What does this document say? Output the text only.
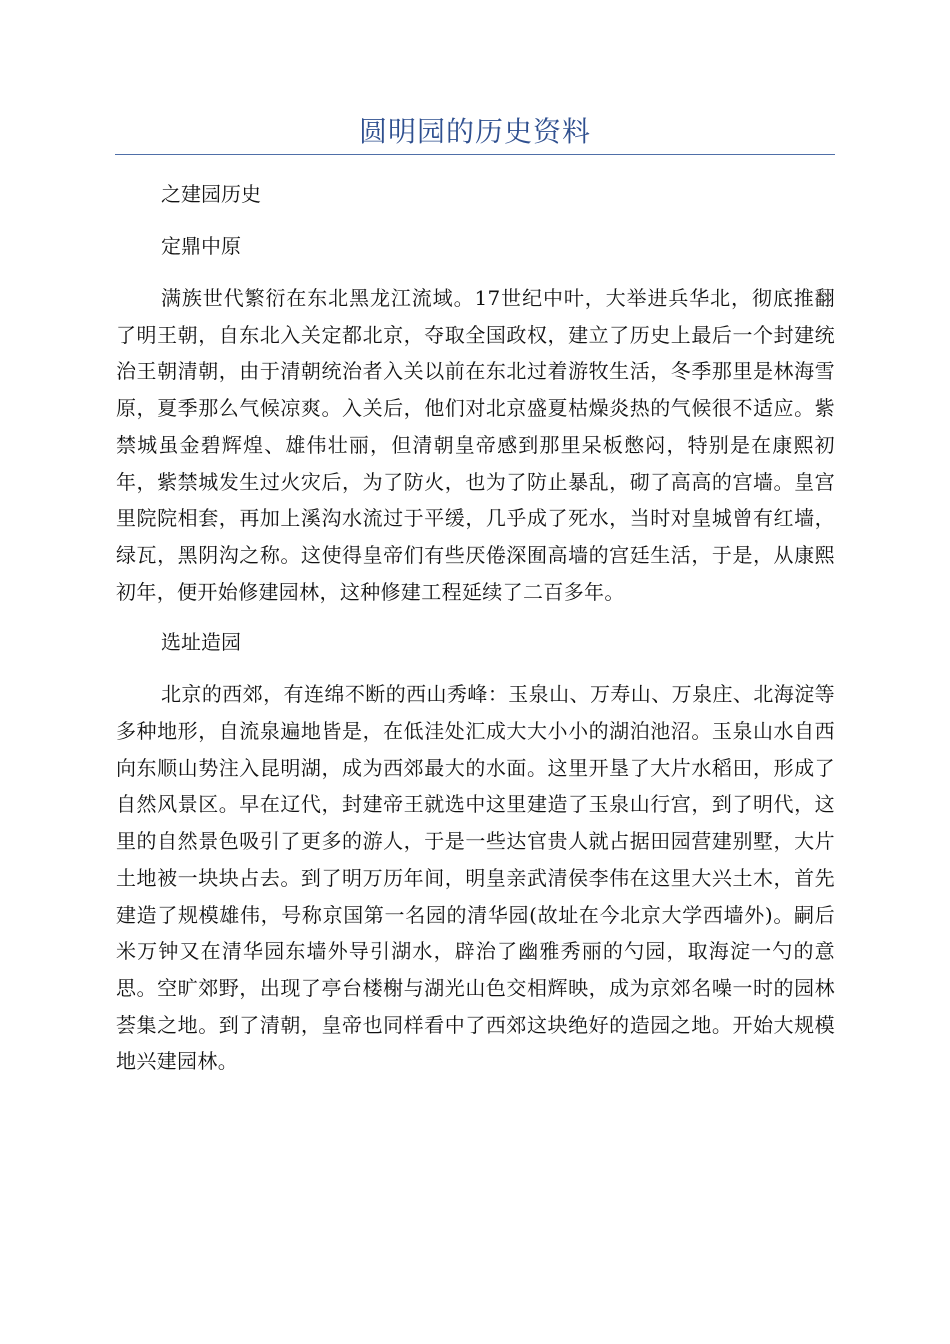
圆明园的历史资料

之建园历史

定鼎中原

满族世代繁衍在东北黑龙江流域。17世纪中叶，大举进兵华北，彻底推翻了明王朝，自东北入关定都北京，夺取全国政权，建立了历史上最后一个封建统治王朝清朝，由于清朝统治者入关以前在东北过着游牧生活，冬季那里是林海雪原，夏季那么气候凉爽。入关后，他们对北京盛夏枯燥炎热的气候很不适应。紫禁城虽金碧辉煌、雄伟壮丽，但清朝皇帝感到那里呆板憋闷，特别是在康熙初年，紫禁城发生过火灾后，为了防火，也为了防止暴乱，砌了高高的宫墙。皇宫里院院相套，再加上溪沟水流过于平缓，几乎成了死水，当时对皇城曾有红墙，绿瓦，黑阴沟之称。这使得皇帝们有些厌倦深囿高墙的宫廷生活，于是，从康熙初年，便开始修建园林，这种修建工程延续了二百多年。

选址造园

北京的西郊，有连绵不断的西山秀峰：玉泉山、万寿山、万泉庄、北海淀等多种地形，自流泉遍地皆是，在低洼处汇成大大小小的湖泊池沼。玉泉山水自西向东顺山势注入昆明湖，成为西郊最大的水面。这里开垦了大片水稻田，形成了自然风景区。早在辽代，封建帝王就选中这里建造了玉泉山行宫，到了明代，这里的自然景色吸引了更多的游人，于是一些达官贵人就占据田园营建别墅，大片土地被一块块占去。到了明万历年间，明皇亲武清侯李伟在这里大兴土木，首先建造了规模雄伟，号称京国第一名园的清华园(故址在今北京大学西墙外)。嗣后米万钟又在清华园东墙外导引湖水，辟治了幽雅秀丽的勺园，取海淀一勺的意思。空旷郊野，出现了亭台楼榭与湖光山色交相辉映，成为京郊名噪一时的园林荟集之地。到了清朝，皇帝也同样看中了西郊这块绝好的造园之地。开始大规模地兴建园林。
